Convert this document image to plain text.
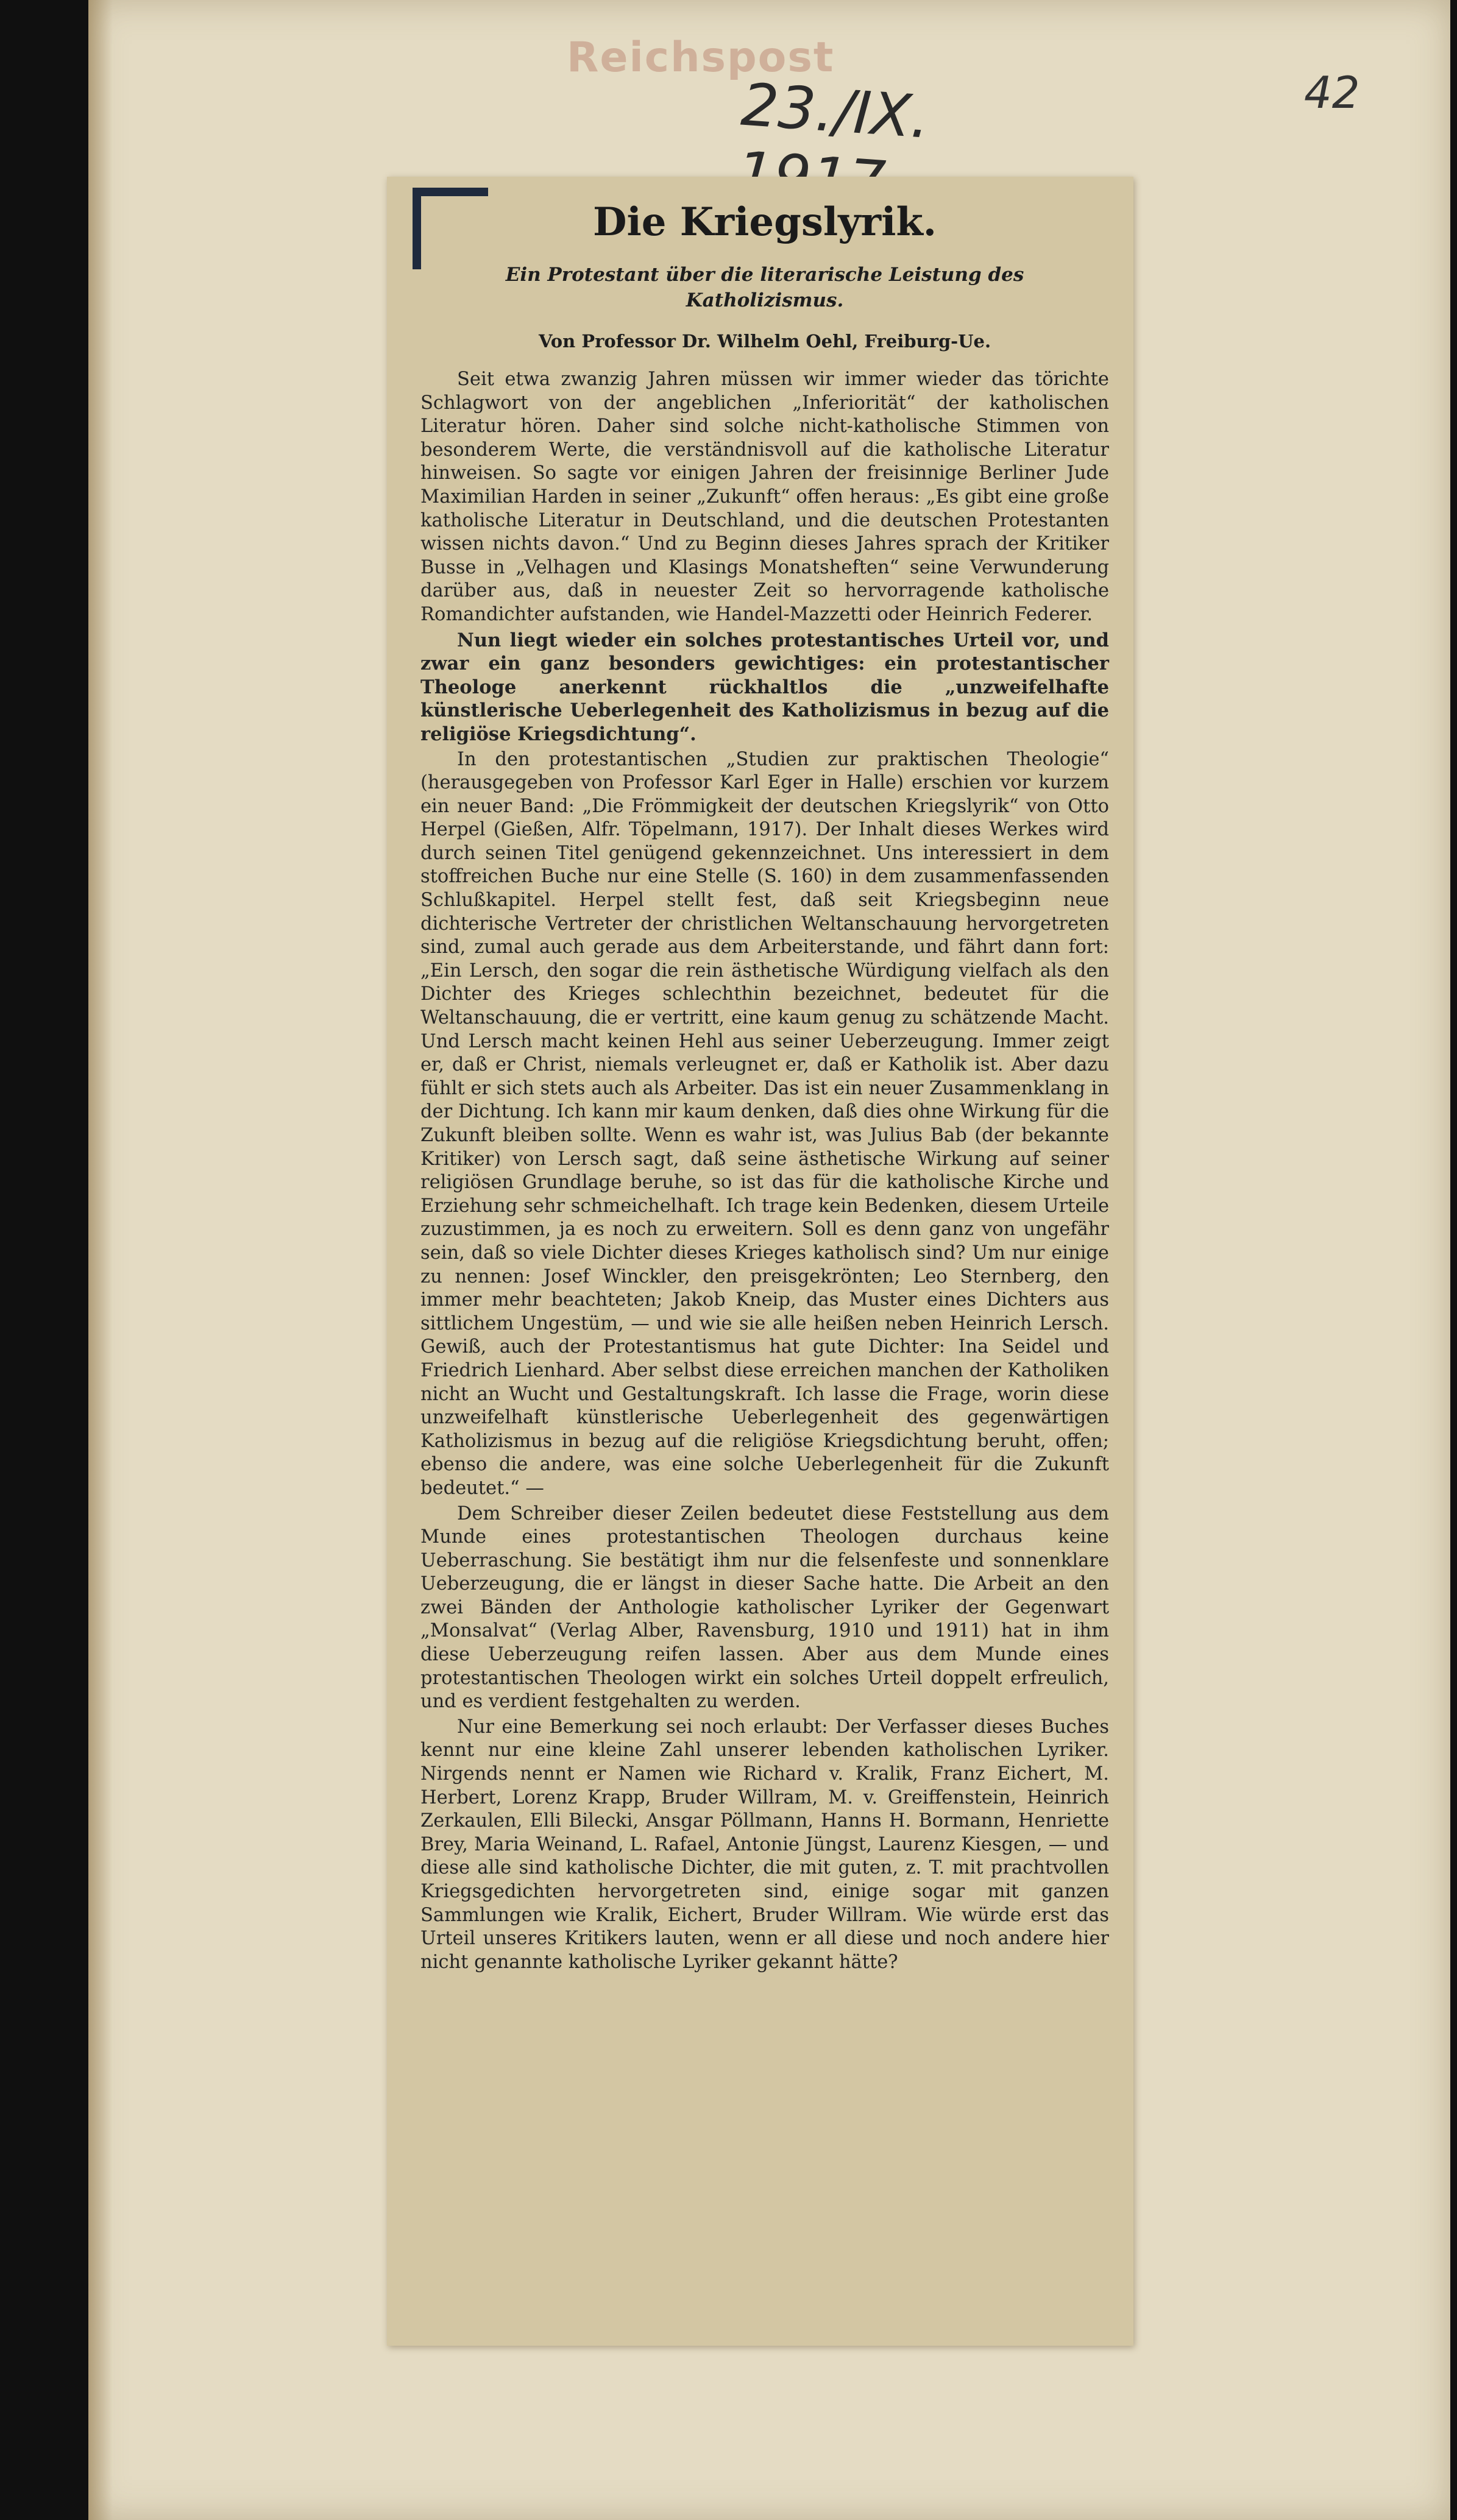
Reichspost
23./IX.	42
Die Kriegslyrik.
Ein Protestant über die literarische Leistung des Katholizismus.
Von Professor Dr. Wilhelm Oehl, Freiburg-Ue.

Seit etwa zwanzig Jahren müssen wir immer wieder das törichte Schlagwort von der angeblichen „Inferiorität“ der katholischen Literatur hören. Daher sind solche nicht-katholische Stimmen von besonderem Werte, die verständnisvoll auf die katholische Literatur hinweisen. So sagte vor einigen Jahren der freisinnige Berliner Jude Maximilian Harden in seiner „Zukunft“ offen heraus: „Es gibt eine große katholische Literatur in Deutschland, und die deutschen Protestanten wissen nichts davon.“ Und zu Beginn dieses Jahres sprach der Kritiker Busse in „Velhagen und Klasings Monatsheften“ seine Verwunderung darüber aus, daß in neuester Zeit so hervorragende katholische Romandichter aufstanden, wie Handel-Mazzetti oder Heinrich Federer.

Nun liegt wieder ein solches protestantisches Urteil vor, und zwar ein ganz besonders gewichtiges: ein protestantischer Theologe anerkennt rückhaltlos die „unzweifelhafte künstlerische Ueberlegenheit des Katholizismus in bezug auf die religiöse Kriegsdichtung“.

In den protestantischen „Studien zur praktischen Theologie“ (herausgegeben von Professor Karl Eger in Halle) erschien vor kurzem ein neuer Band: „Die Frömmigkeit der deutschen Kriegslyrik“ von Otto Herpel (Gießen, Alfr. Töpelmann, 1917). Der Inhalt dieses Werkes wird durch seinen Titel genügend gekennzeichnet. Uns interessiert in dem stoffreichen Buche nur eine Stelle (S. 160) in dem zusammenfassenden Schlußkapitel. Herpel stellt fest, daß seit Kriegsbeginn neue dichterische Vertreter der christlichen Weltanschauung hervorgetreten sind, zumal auch gerade aus dem Arbeiterstande, und fährt dann fort: „Ein Lersch, den sogar die rein ästhetische Würdigung vielfach als den Dichter des Krieges schlechthin bezeichnet, bedeutet für die Weltanschauung, die er vertritt, eine kaum genug zu schätzende Macht. Und Lersch macht keinen Hehl aus seiner Ueberzeugung. Immer zeigt er, daß er Christ, niemals verleugnet er, daß er Katholik ist. Aber dazu fühlt er sich stets auch als Arbeiter. Das ist ein neuer Zusammenklang in der Dichtung. Ich kann mir kaum denken, daß dies ohne Wirkung für die Zukunft bleiben sollte. Wenn es wahr ist, was Julius Bab (der bekannte Kritiker) von Lersch sagt, daß seine ästhetische Wirkung auf seiner religiösen Grundlage beruhe, so ist das für die katholische Kirche und Erziehung sehr schmeichelhaft. Ich trage kein Bedenken, diesem Urteile zuzustimmen, ja es noch zu erweitern. Soll es denn ganz von ungefähr sein, daß so viele Dichter dieses Krieges katholisch sind? Um nur einige zu nennen: Josef Winckler, den preisgekrönten; Leo Sternberg, den immer mehr beachteten; Jakob Kneip, das Muster eines Dichters aus sittlichem Ungestüm, — und wie sie alle heißen neben Heinrich Lersch. Gewiß, auch der Protestantismus hat gute Dichter: Ina Seidel und Friedrich Lienhard. Aber selbst diese erreichen manchen der Katholiken nicht an Wucht und Gestaltungskraft. Ich lasse die Frage, worin diese unzweifelhaft künstlerische Ueberlegenheit des gegenwärtigen Katholizismus in bezug auf die religiöse Kriegsdichtung beruht, offen; ebenso die andere, was eine solche Ueberlegenheit für die Zukunft bedeutet.“ —

Dem Schreiber dieser Zeilen bedeutet diese Feststellung aus dem Munde eines protestantischen Theologen durchaus keine Ueberraschung. Sie bestätigt ihm nur die felsenfeste und sonnenklare Ueberzeugung, die er längst in dieser Sache hatte. Die Arbeit an den zwei Bänden der Anthologie katholischer Lyriker der Gegenwart „Monsalvat“ (Verlag Alber, Ravensburg, 1910 und 1911) hat in ihm diese Ueberzeugung reifen lassen. Aber aus dem Munde eines protestantischen Theologen wirkt ein solches Urteil doppelt erfreulich, und es verdient festgehalten zu werden.

Nur eine Bemerkung sei noch erlaubt: Der Verfasser dieses Buches kennt nur eine kleine Zahl unserer lebenden katholischen Lyriker. Nirgends nennt er Namen wie Richard v. Kralik, Franz Eichert, M. Herbert, Lorenz Krapp, Bruder Willram, M. v. Greiffenstein, Heinrich Zerkaulen, Elli Bilecki, Ansgar Pöllmann, Hanns H. Bormann, Henriette Brey, Maria Weinand, L. Rafael, Antonie Jüngst, Laurenz Kiesgen, — und diese alle sind katholische Dichter, die mit guten, z. T. mit prachtvollen Kriegsgedichten hervorgetreten sind, einige sogar mit ganzen Sammlungen wie Kralik, Eichert, Bruder Willram. Wie würde erst das Urteil unseres Kritikers lauten, wenn er all diese und noch andere hier nicht genannte katholische Lyriker gekannt hätte?
